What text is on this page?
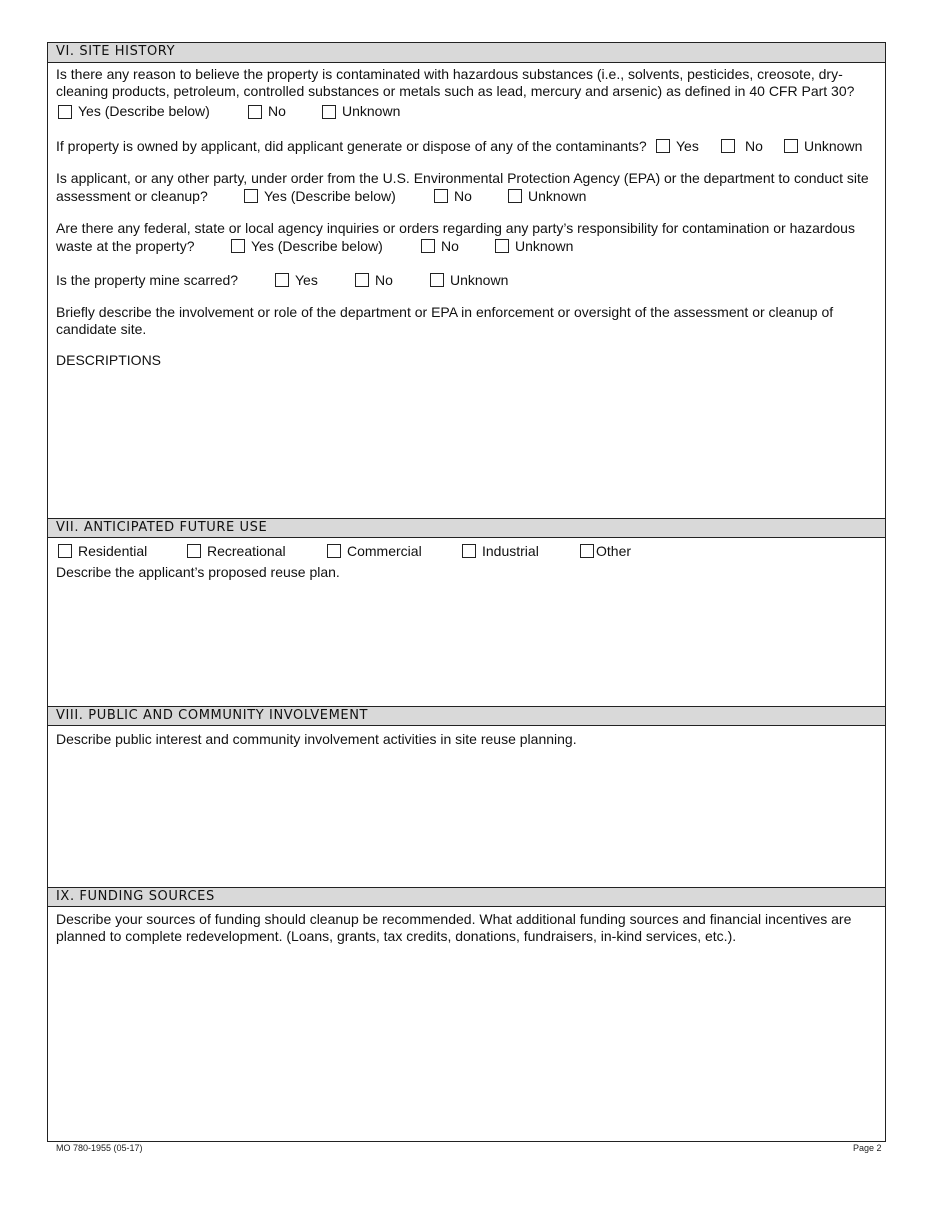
VI. SITE HISTORY
Is there any reason to believe the property is contaminated with hazardous substances (i.e., solvents, pesticides, creosote, dry-cleaning products, petroleum, controlled substances or metals such as lead, mercury and arsenic) as defined in 40 CFR Part 30?
Yes (Describe below)	No	Unknown
If property is owned by applicant, did applicant generate or dispose of any of the contaminants? Yes	No	Unknown
Is applicant, or any other party, under order from the U.S. Environmental Protection Agency (EPA) or the department to conduct site
assessment or cleanup?	Yes (Describe below)	No	Unknown
Are there any federal, state or local agency inquiries or orders regarding any party’s responsibility for contamination or hazardous
waste at the property?	Yes (Describe below)	No	Unknown
Is the property mine scarred?	Yes	No	Unknown
Briefly describe the involvement or role of the department or EPA in enforcement or oversight of the assessment or cleanup of candidate site.
DESCRIPTIONS
VII. ANTICIPATED FUTURE USE
Residential	Recreational	Commercial	Industrial	Other
Describe the applicant’s proposed reuse plan.
VIII. PUBLIC AND COMMUNITY INVOLVEMENT
Describe public interest and community involvement activities in site reuse planning.
IX. FUNDING SOURCES
Describe your sources of funding should cleanup be recommended. What additional funding sources and financial incentives are planned to complete redevelopment. (Loans, grants, tax credits, donations, fundraisers, in-kind services, etc.).
MO 780-1955 (05-17)	Page 2
